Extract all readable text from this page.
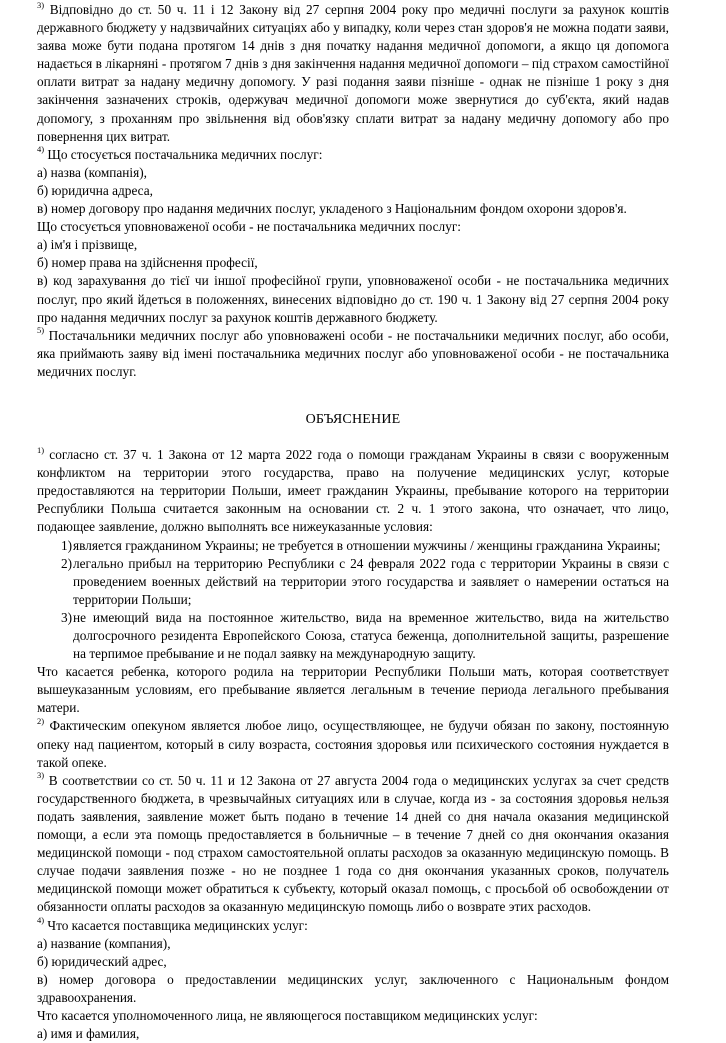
$^{3)}$ Відповідно до ст. 50 ч. 11 і 12 Закону від 27 серпня 2004 року про медичні послуги за рахунок коштів державного бюджету у надзвичайних ситуаціях або у випадку, коли через стан здоров'я не можна подати заяви, заява може бути подана протягом 14 днів з дня початку надання медичної допомоги, а якщо ця допомога надається в лікарняні - протягом 7 днів з дня закінчення надання медичної допомоги – під страхом самостійної оплати витрат за надану медичну допомогу. У разі подання заяви пізніше - однак не пізніше 1 року з дня закінчення зазначених строків, одержувач медичної допомоги може звернутися до суб'єкта, який надав допомогу, з проханням про звільнення від обов'язку сплати витрат за надану медичну допомогу або про повернення цих витрат.

$^{4)}$ Що стосується постачальника медичних послуг:

а) назва (компанія),

б) юридична адреса,

в) номер договору про надання медичних послуг, укладеного з Національним фондом охорони здоров'я.

Що стосується уповноваженої особи - не постачальника медичних послуг:

а) ім'я і прізвище,

б) номер права на здійснення професії,

в) код зарахування до тієї чи іншої професійної групи, уповноваженої особи - не постачальника медичних послуг, про який йдеться в положеннях, винесених відповідно до ст. 190 ч. 1 Закону від 27 серпня 2004 року про надання медичних послуг за рахунок коштів державного бюджету.

$^{5)}$ Постачальники медичних послуг або уповноважені особи - не постачальники медичних послуг, або особи, яка приймають заяву від імені постачальника медичних послуг або уповноваженої особи - не постачальника медичних послуг.

ОБЪЯСНЕНИЕ

$^{1)}$ согласно ст. 37 ч. 1 Закона от 12 марта 2022 года о помощи гражданам Украины в связи с вооруженным конфликтом на территории этого государства, право на получение медицинских услуг, которые предоставляются на территории Польши, имеет гражданин Украины, пребывание которого на территории Республики Польша считается законным на основании ст. 2 ч. 1 этого закона, что означает, что лицо, подающее заявление, должно выполнять все нижеуказанные условия:

1) является гражданином Украины; не требуется в отношении мужчины / женщины гражданина Украины;
2) легально прибыл на территорию Республики с 24 февраля 2022 года с территории Украины в связи с проведением военных действий на территории этого государства и заявляет о намерении остаться на территории Польши;
3) не имеющий вида на постоянное жительство, вида на временное жительство, вида на жительство долгосрочного резидента Европейского Союза, статуса беженца, дополнительной защиты, разрешение на терпимое пребывание и не подал заявку на международную защиту.

Что касается ребенка, которого родила на территории Республики Польши мать, которая соответствует вышеуказанным условиям, его пребывание является легальным в течение периода легального пребывания матери.

$^{2)}$ Фактическим опекуном является любое лицо, осуществляющее, не будучи обязан по закону, постоянную опеку над пациентом, который в силу возраста, состояния здоровья или психического состояния нуждается в такой опеке.

$^{3)}$ В соответствии со ст. 50 ч. 11 и 12 Закона от 27 августа 2004 года о медицинских услугах за счет средств государственного бюджета, в чрезвычайных ситуациях или в случае, когда из - за состояния здоровья нельзя подать заявления, заявление может быть подано в течение 14 дней со дня начала оказания медицинской помощи, а если эта помощь предоставляется в больничные – в течение 7 дней со дня окончания оказания медицинской помощи - под страхом самостоятельной оплаты расходов за оказанную медицинскую помощь. В случае подачи заявления позже - но не позднее 1 года со дня окончания указанных сроков, получатель медицинской помощи может обратиться к субъекту, который оказал помощь, с просьбой об освобождении от обязанности оплаты расходов за оказанную медицинскую помощь либо о возврате этих расходов.

$^{4)}$ Что касается поставщика медицинских услуг:

а) название (компания),

б) юридический адрес,

в) номер договора о предоставлении медицинских услуг, заключенного с Национальным фондом здравоохранения.

Что касается уполномоченного лица, не являющегося поставщиком медицинских услуг:

а) имя и фамилия,
